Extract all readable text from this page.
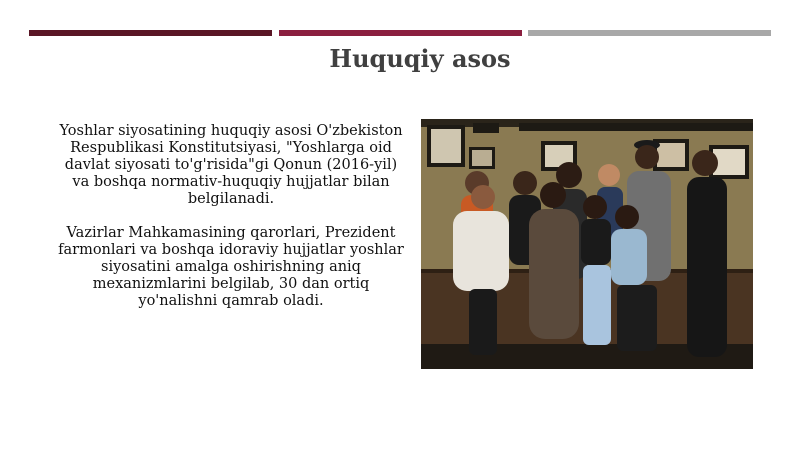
Huquqiy asos

Yoshlar siyosatining huquqiy asosi O'zbekiston Respublikasi Konstitutsiyasi, "Yoshlarga oid davlat siyosati to'g'risida"gi Qonun (2016-yil) va boshqa normativ-huquqiy hujjatlar bilan belgilanadi.

Vazirlar Mahkamasining qarorlari, Prezident farmonlari va boshqa idoraviy hujjatlar yoshlar siyosatini amalga oshirishning aniq mexanizmlarini belgilab, 30 dan ortiq yo'nalishni qamrab oladi.
